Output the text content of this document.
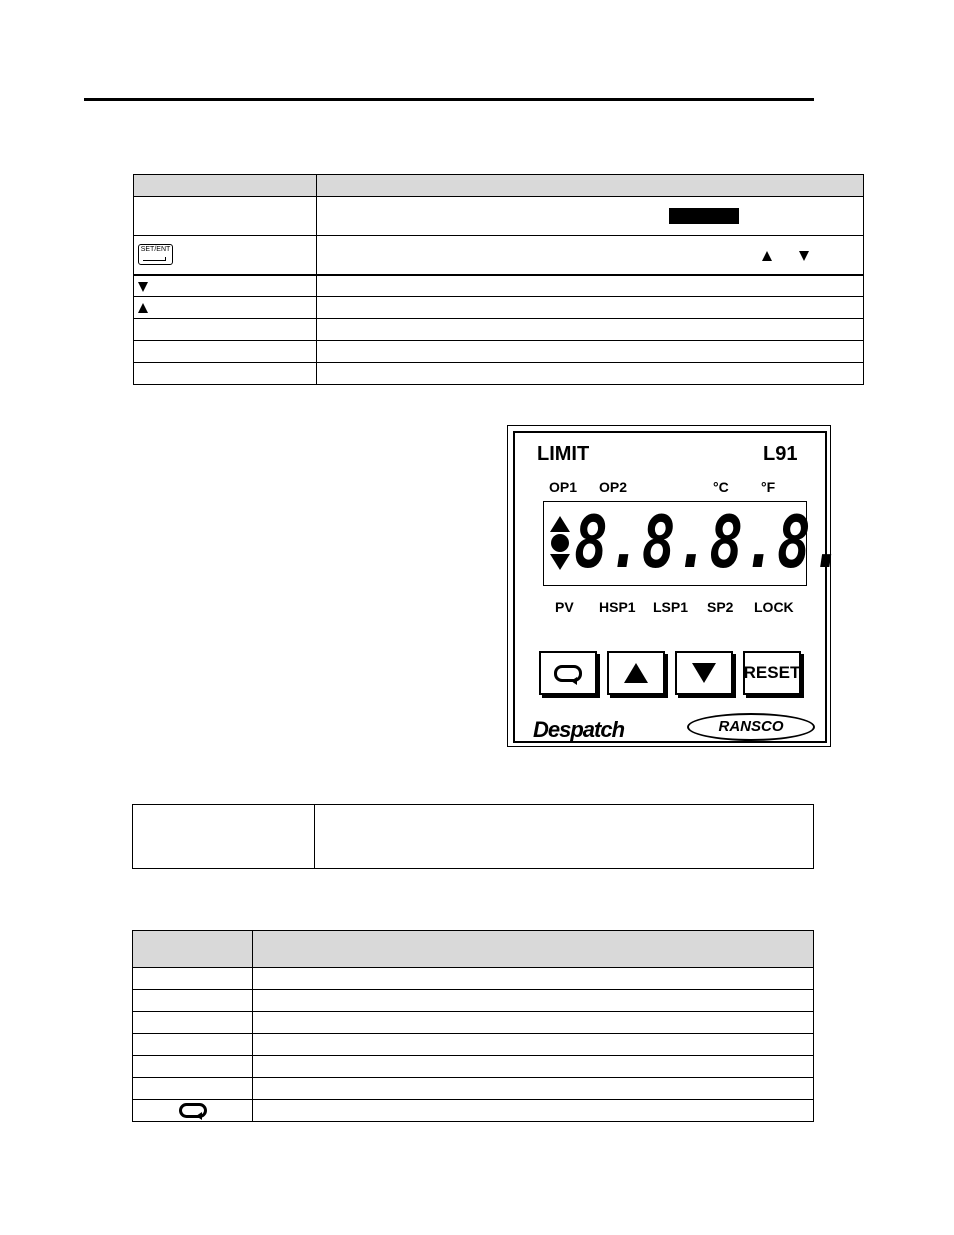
SET/ENT

LIMIT	L91
OP1 OP2	°C °F
8.8.8.8.
PV HSP1 LSP1 SP2 LOCK
RESET
Despatch	RANSCO
